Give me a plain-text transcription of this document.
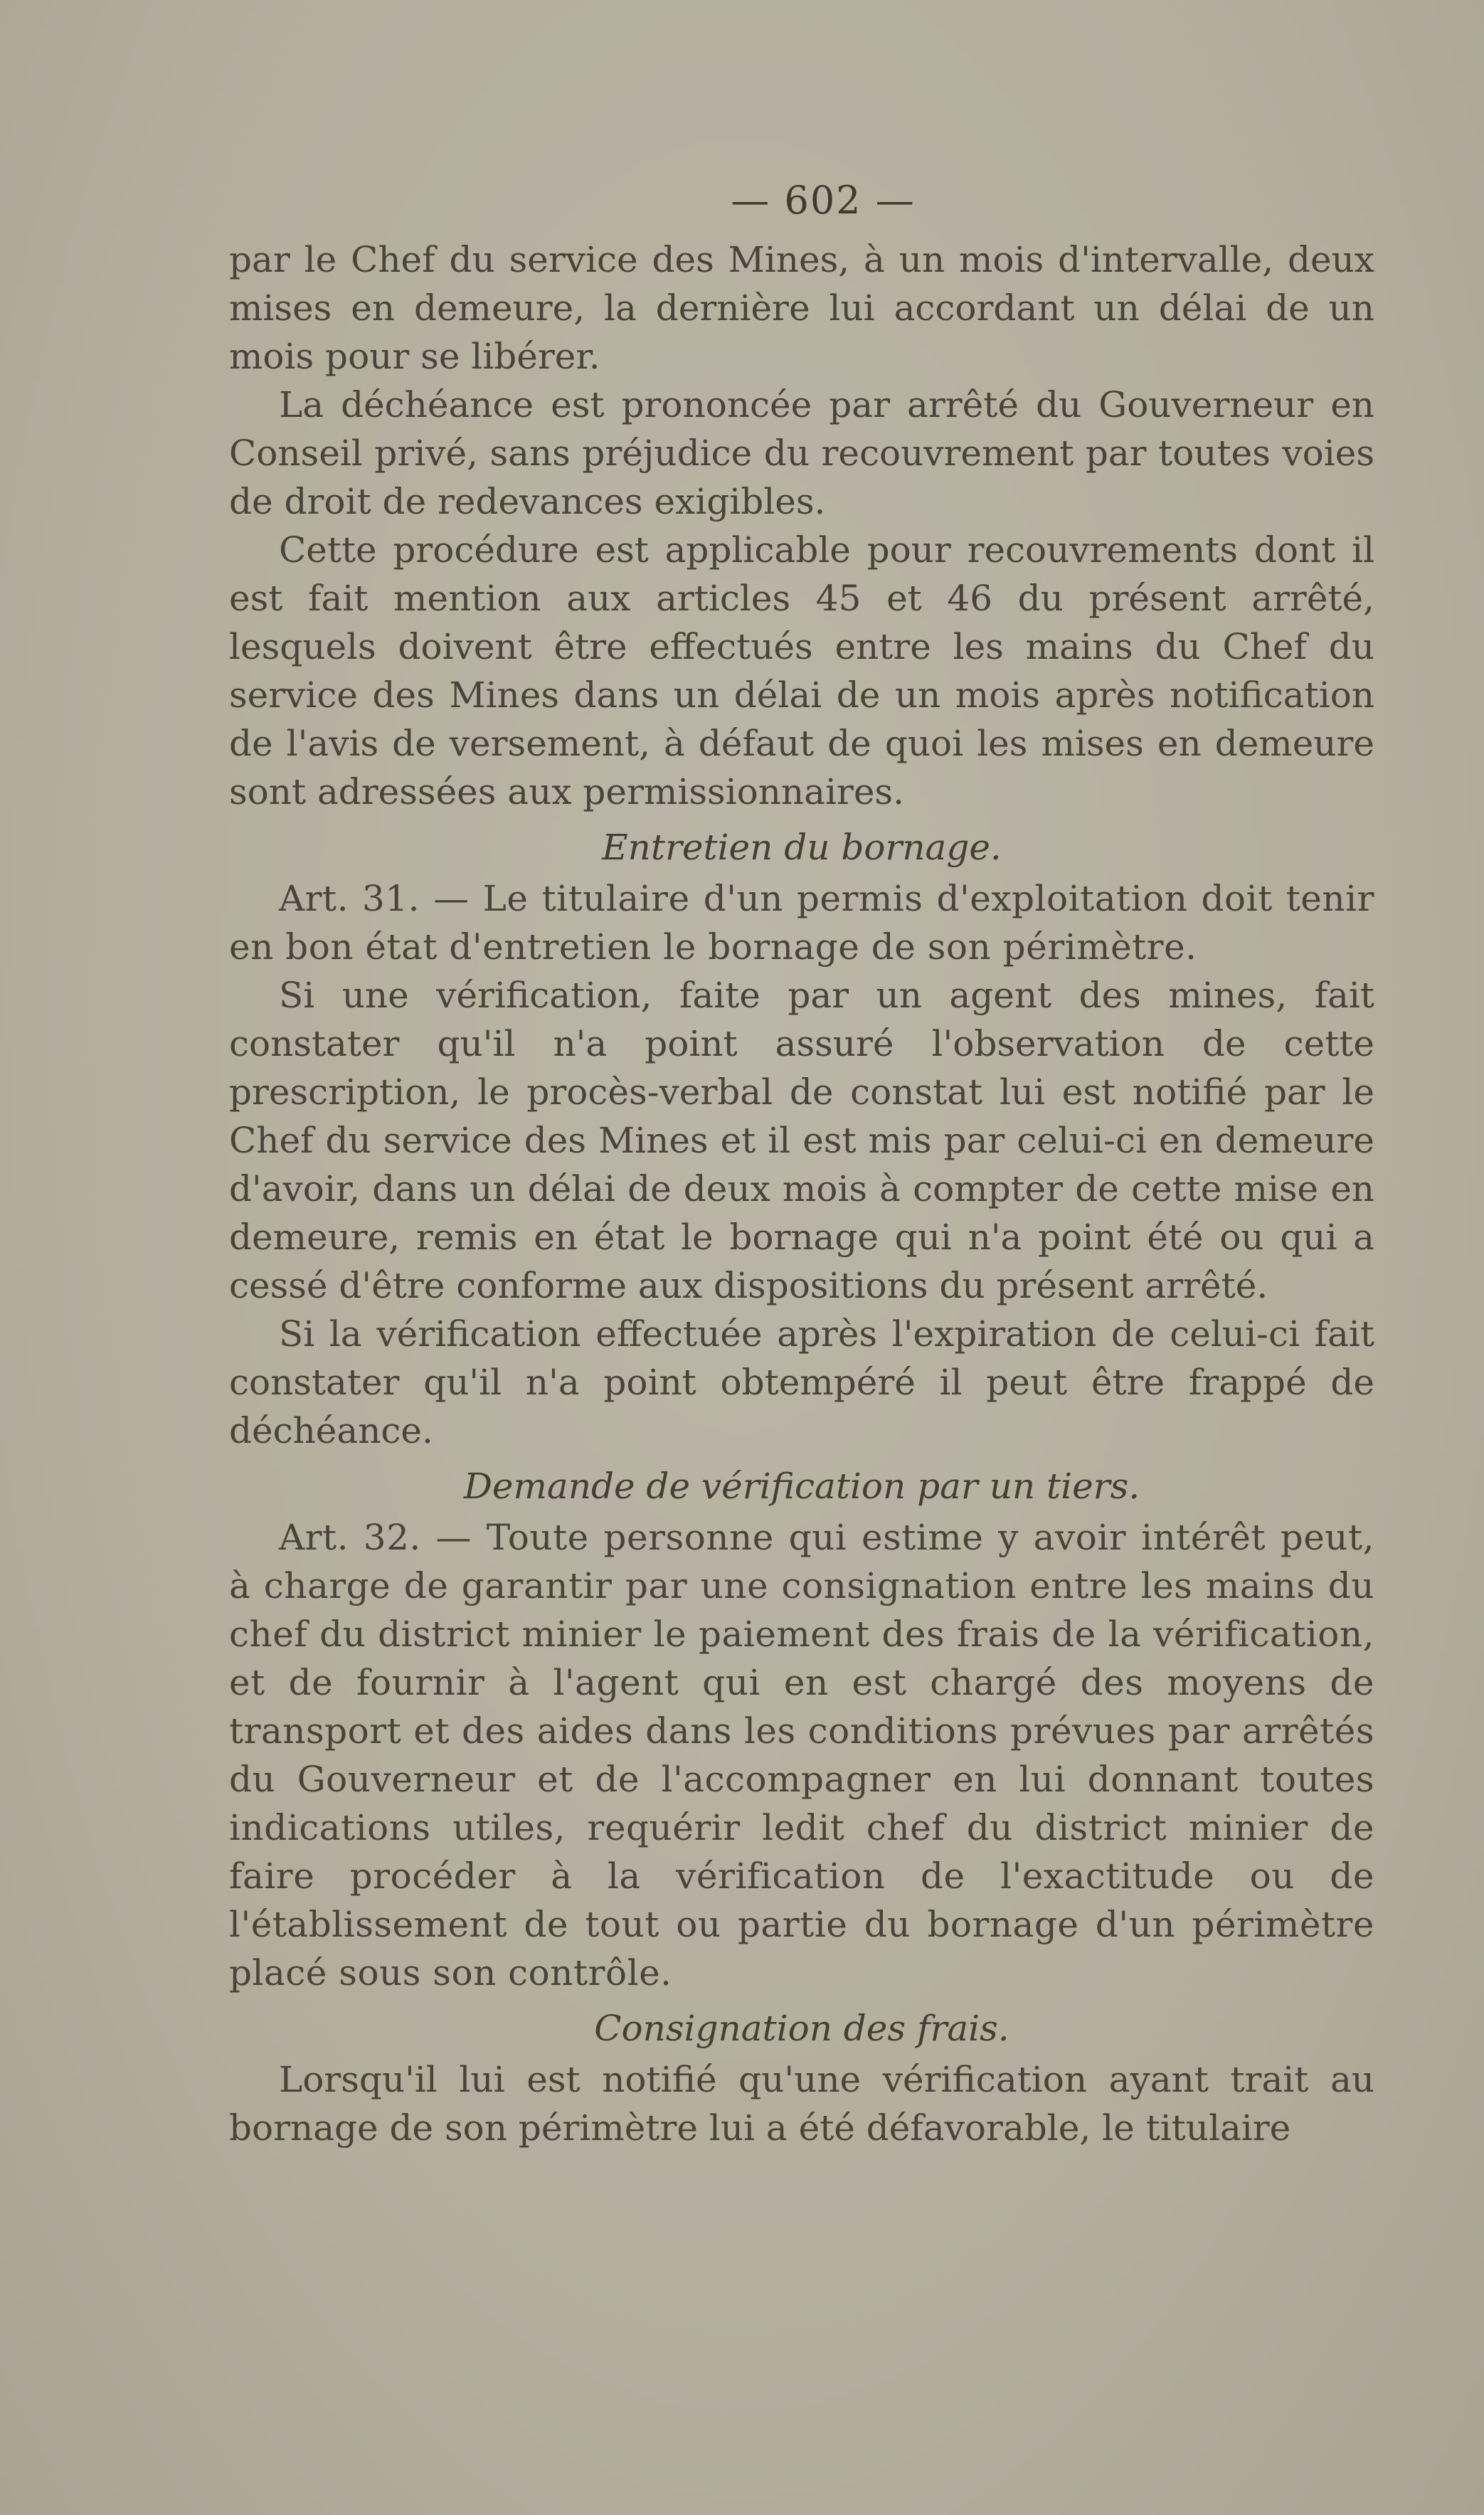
— 602 —

par le Chef du service des Mines, à un mois d'intervalle, deux mises en demeure, la dernière lui accordant un délai de un mois pour se libérer.

La déchéance est prononcée par arrêté du Gouverneur en Conseil privé, sans préjudice du recouvrement par toutes voies de droit de redevances exigibles.

Cette procédure est applicable pour recouvrements dont il est fait mention aux articles 45 et 46 du présent arrêté, lesquels doivent être effectués entre les mains du Chef du service des Mines dans un délai de un mois après notification de l'avis de versement, à défaut de quoi les mises en demeure sont adressées aux permissionnaires.

Entretien du bornage.

Art. 31. — Le titulaire d'un permis d'exploitation doit tenir en bon état d'entretien le bornage de son périmètre.

Si une vérification, faite par un agent des mines, fait constater qu'il n'a point assuré l'observation de cette prescription, le procès-verbal de constat lui est notifié par le Chef du service des Mines et il est mis par celui-ci en demeure d'avoir, dans un délai de deux mois à compter de cette mise en demeure, remis en état le bornage qui n'a point été ou qui a cessé d'être conforme aux dispositions du présent arrêté.

Si la vérification effectuée après l'expiration de celui-ci fait constater qu'il n'a point obtempéré il peut être frappé de déchéance.

Demande de vérification par un tiers.

Art. 32. — Toute personne qui estime y avoir intérêt peut, à charge de garantir par une consignation entre les mains du chef du district minier le paiement des frais de la vérification, et de fournir à l'agent qui en est chargé des moyens de transport et des aides dans les conditions prévues par arrêtés du Gouverneur et de l'accompagner en lui donnant toutes indications utiles, requérir ledit chef du district minier de faire procéder à la vérification de l'exactitude ou de l'établissement de tout ou partie du bornage d'un périmètre placé sous son contrôle.

Consignation des frais.

Lorsqu'il lui est notifié qu'une vérification ayant trait au bornage de son périmètre lui a été défavorable, le titulaire
